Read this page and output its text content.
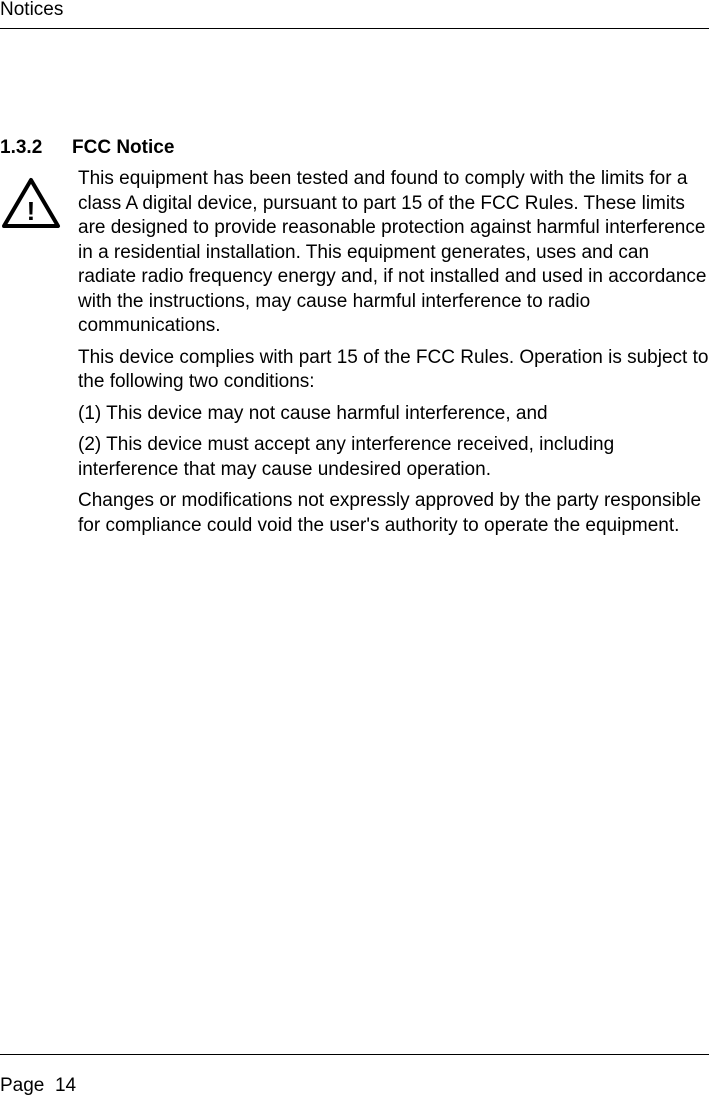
Notices
1.3.2 FCC Notice
!

This equipment has been tested and found to comply with the limits for a class A digital device, pursuant to part 15 of the FCC Rules. These limits are designed to provide reasonable protection against harmful interference in a residential installation. This equipment generates, uses and can radiate radio frequency energy and, if not installed and used in accordance with the instructions, may cause harmful interference to radio communications.

This device complies with part 15 of the FCC Rules. Operation is subject to the following two conditions:

(1) This device may not cause harmful interference, and

(2) This device must accept any interference received, including interference that may cause undesired operation.

Changes or modifications not expressly approved by the party responsible for compliance could void the user's authority to operate the equipment.

Page 14
